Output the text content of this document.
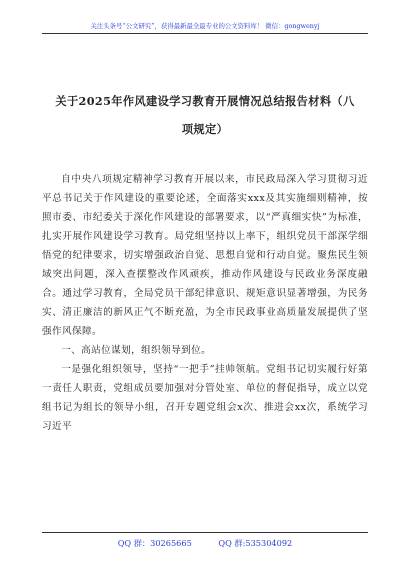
关注头条号“公文研究”，获得最新最全最专业的公文资料库！ 微信：gongwenyj
关于2025年作风建设学习教育开展情况总结报告材料（八
项规定）

自中央八项规定精神学习教育开展以来，市民政局深入学习贯彻习近平总书记关于作风建设的重要论述，全面落实xxx及其实施细则精神，按照市委、市纪委关于深化作风建设的部署要求，以“严真细实快”为标准，扎实开展作风建设学习教育。局党组坚持以上率下，组织党员干部深学细悟党的纪律要求，切实增强政治自觉、思想自觉和行动自觉。聚焦民生领域突出问题，深入查摆整改作风顽疾，推动作风建设与民政业务深度融合。通过学习教育，全局党员干部纪律意识、规矩意识显著增强，为民务实、清正廉洁的新风正气不断充盈，为全市民政事业高质量发展提供了坚强作风保障。

一、高站位谋划，组织领导到位。

一是强化组织领导，坚持“一把手”挂帅领航。党组书记切实履行好第一责任人职责，党组成员要加强对分管处室、单位的督促指导，成立以党组书记为组长的领导小组，召开专题党组会x次、推进会xx次，系统学习习近平

QQ 群：30265665	QQ 群:535304092
